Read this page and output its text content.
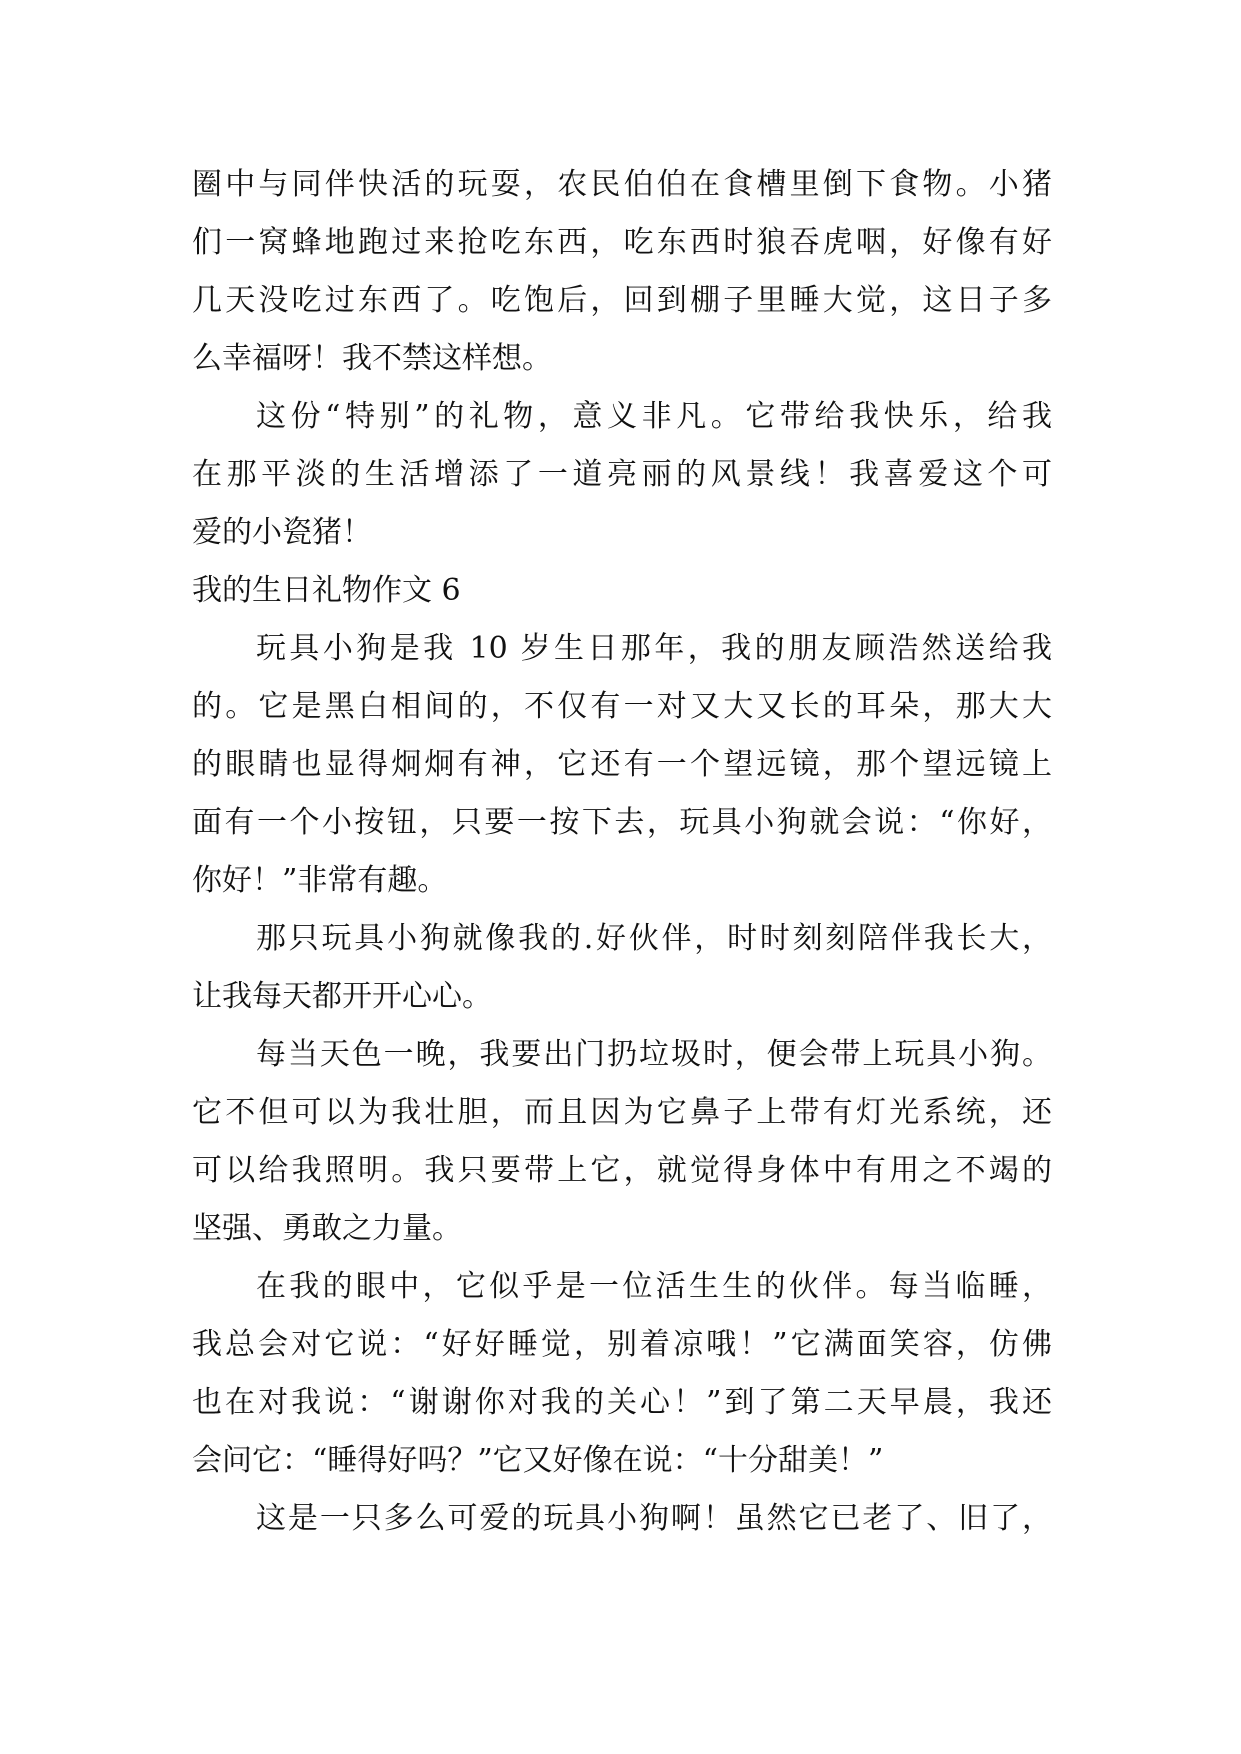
圈中与同伴快活的玩耍，农民伯伯在食槽里倒下食物。小猪
们一窝蜂地跑过来抢吃东西，吃东西时狼吞虎咽，好像有好
几天没吃过东西了。吃饱后，回到棚子里睡大觉，这日子多
么幸福呀！我不禁这样想。
这份“特别”的礼物，意义非凡。它带给我快乐，给我
在那平淡的生活增添了一道亮丽的风景线！我喜爱这个可
爱的小瓷猪！
我的生日礼物作文 6
玩具小狗是我 10 岁生日那年，我的朋友顾浩然送给我
的。它是黑白相间的，不仅有一对又大又长的耳朵，那大大
的眼睛也显得炯炯有神，它还有一个望远镜，那个望远镜上
面有一个小按钮，只要一按下去，玩具小狗就会说：“你好，
你好！”非常有趣。
那只玩具小狗就像我的.好伙伴，时时刻刻陪伴我长大，
让我每天都开开心心。
每当天色一晚，我要出门扔垃圾时，便会带上玩具小狗。
它不但可以为我壮胆，而且因为它鼻子上带有灯光系统，还
可以给我照明。我只要带上它，就觉得身体中有用之不竭的
坚强、勇敢之力量。
在我的眼中，它似乎是一位活生生的伙伴。每当临睡，
我总会对它说：“好好睡觉，别着凉哦！”它满面笑容，仿佛
也在对我说：“谢谢你对我的关心！”到了第二天早晨，我还
会问它：“睡得好吗？”它又好像在说：“十分甜美！”
这是一只多么可爱的玩具小狗啊！虽然它已老了、旧了，
